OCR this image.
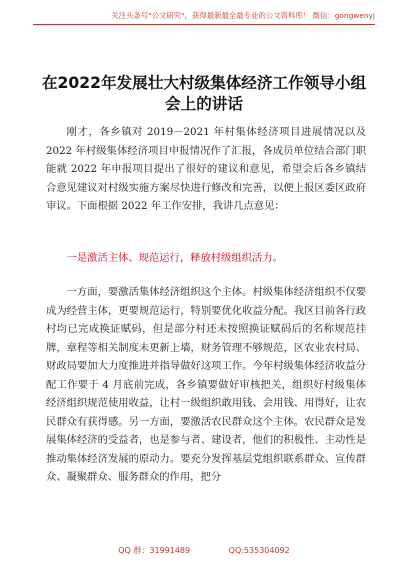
关注头条号"公文研究"，获得最新最全最专业的公文资料库！ 微信：gongwenyj
在2022年发展壮大村级集体经济工作领导小组会上的讲话
刚才，各乡镇对 2019－2021 年村集体经济项目进展情况以及 2022 年村级集体经济项目申报情况作了汇报，各成员单位结合部门职能就 2022 年申报项目提出了很好的建议和意见，希望会后各乡镇结合意见建议对村级实施方案尽快进行修改和完善，以便上报区委区政府审议。下面根据 2022 年工作安排，我讲几点意见：
一是激活主体、规范运行，释放村级组织活力。
一方面，要激活集体经济组织这个主体。村级集体经济组织不仅要成为经营主体，更要规范运行，特别要优化收益分配。我区目前各行政村均已完成换证赋码，但是部分村还未按照换证赋码后的名称规范挂牌，章程等相关制度未更新上墙，财务管理不够规范，区农业农村局、财政局要加大力度推进并指导做好这项工作。今年村级集体经济收益分配工作要于 4 月底前完成，各乡镇要做好审核把关，组织好村级集体经济组织规范使用收益，让村一级组织敢用钱、会用钱、用得好，让农民群众有获得感。另一方面，要激活农民群众这个主体。农民群众是发展集体经济的受益者，也是参与者、建设者，他们的积极性、主动性是推动集体经济发展的原动力。要充分发挥基层党组织联系群众、宣传群众、凝聚群众、服务群众的作用，把分
QQ 群：31991489	QQ:535304092
